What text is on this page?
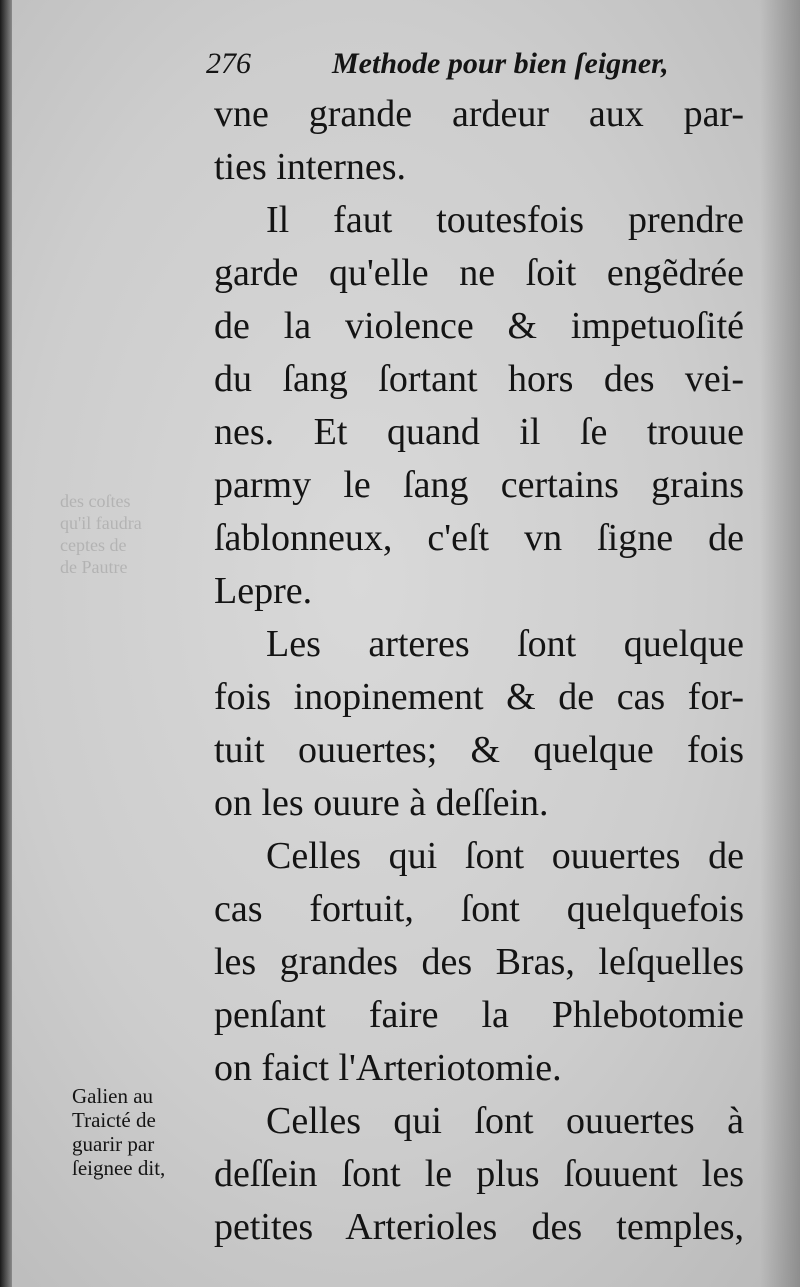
des coſtes
qu'il faudra
ceptes de
de Pautre
276	Methode pour bien ſeigner,
vne grande ardeur aux par-
ties internes.
Il faut toutesfois prendre
garde qu'elle ne ſoit engẽdrée
de la violence & impetuoſité
du ſang ſortant hors des vei-
nes. Et quand il ſe trouue
parmy le ſang certains grains
ſablonneux, c'eſt vn ſigne de
Lepre.
Les arteres ſont quelque
fois inopinement & de cas for-
tuit ouuertes; & quelque fois
on les ouure à deſſein.
Celles qui ſont ouuertes de
cas fortuit, ſont quelquefois
les grandes des Bras, leſquelles
penſant faire la Phlebotomie
on faict l'Arteriotomie.
Celles qui ſont ouuertes à
deſſein ſont le plus ſouuent les
petites Arterioles des temples,
Galien au
Traicté de
guarir par
ſeignee dit,
